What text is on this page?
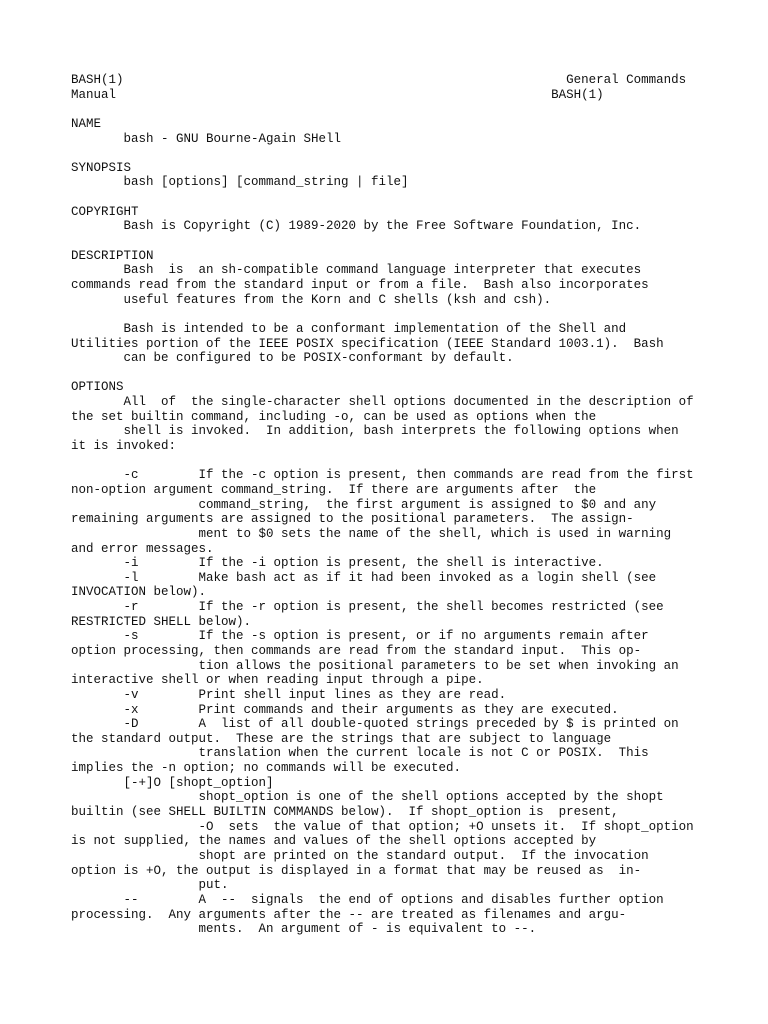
BASH(1)                                                           General Commands
Manual                                                          BASH(1)
NAME
bash - GNU Bourne-Again SHell
SYNOPSIS
bash [options] [command_string | file]
COPYRIGHT
Bash is Copyright (C) 1989-2020 by the Free Software Foundation, Inc.
DESCRIPTION
Bash  is  an sh-compatible command language interpreter that executes
commands read from the standard input or from a file.  Bash also incorporates
useful features from the Korn and C shells (ksh and csh).
Bash is intended to be a conformant implementation of the Shell and
Utilities portion of the IEEE POSIX specification (IEEE Standard 1003.1).  Bash
can be configured to be POSIX-conformant by default.
OPTIONS
All  of  the single-character shell options documented in the description of
the set builtin command, including -o, can be used as options when the
shell is invoked.  In addition, bash interprets the following options when
it is invoked:
-c        If the -c option is present, then commands are read from the first
non-option argument command_string.  If there are arguments after  the
command_string,  the first argument is assigned to $0 and any
remaining arguments are assigned to the positional parameters.  The assign-
ment to $0 sets the name of the shell, which is used in warning
and error messages.
-i        If the -i option is present, the shell is interactive.
-l        Make bash act as if it had been invoked as a login shell (see
INVOCATION below).
-r        If the -r option is present, the shell becomes restricted (see
RESTRICTED SHELL below).
-s        If the -s option is present, or if no arguments remain after
option processing, then commands are read from the standard input.  This op-
tion allows the positional parameters to be set when invoking an
interactive shell or when reading input through a pipe.
-v        Print shell input lines as they are read.
-x        Print commands and their arguments as they are executed.
-D        A  list of all double-quoted strings preceded by $ is printed on
the standard output.  These are the strings that are subject to language
translation when the current locale is not C or POSIX.  This
implies the -n option; no commands will be executed.
[-+]O [shopt_option]
shopt_option is one of the shell options accepted by the shopt
builtin (see SHELL BUILTIN COMMANDS below).  If shopt_option is  present,
-O  sets  the value of that option; +O unsets it.  If shopt_option
is not supplied, the names and values of the shell options accepted by
shopt are printed on the standard output.  If the invocation
option is +O, the output is displayed in a format that may be reused as  in-
put.
--        A  --  signals  the end of options and disables further option
processing.  Any arguments after the -- are treated as filenames and argu-
ments.  An argument of - is equivalent to --.
